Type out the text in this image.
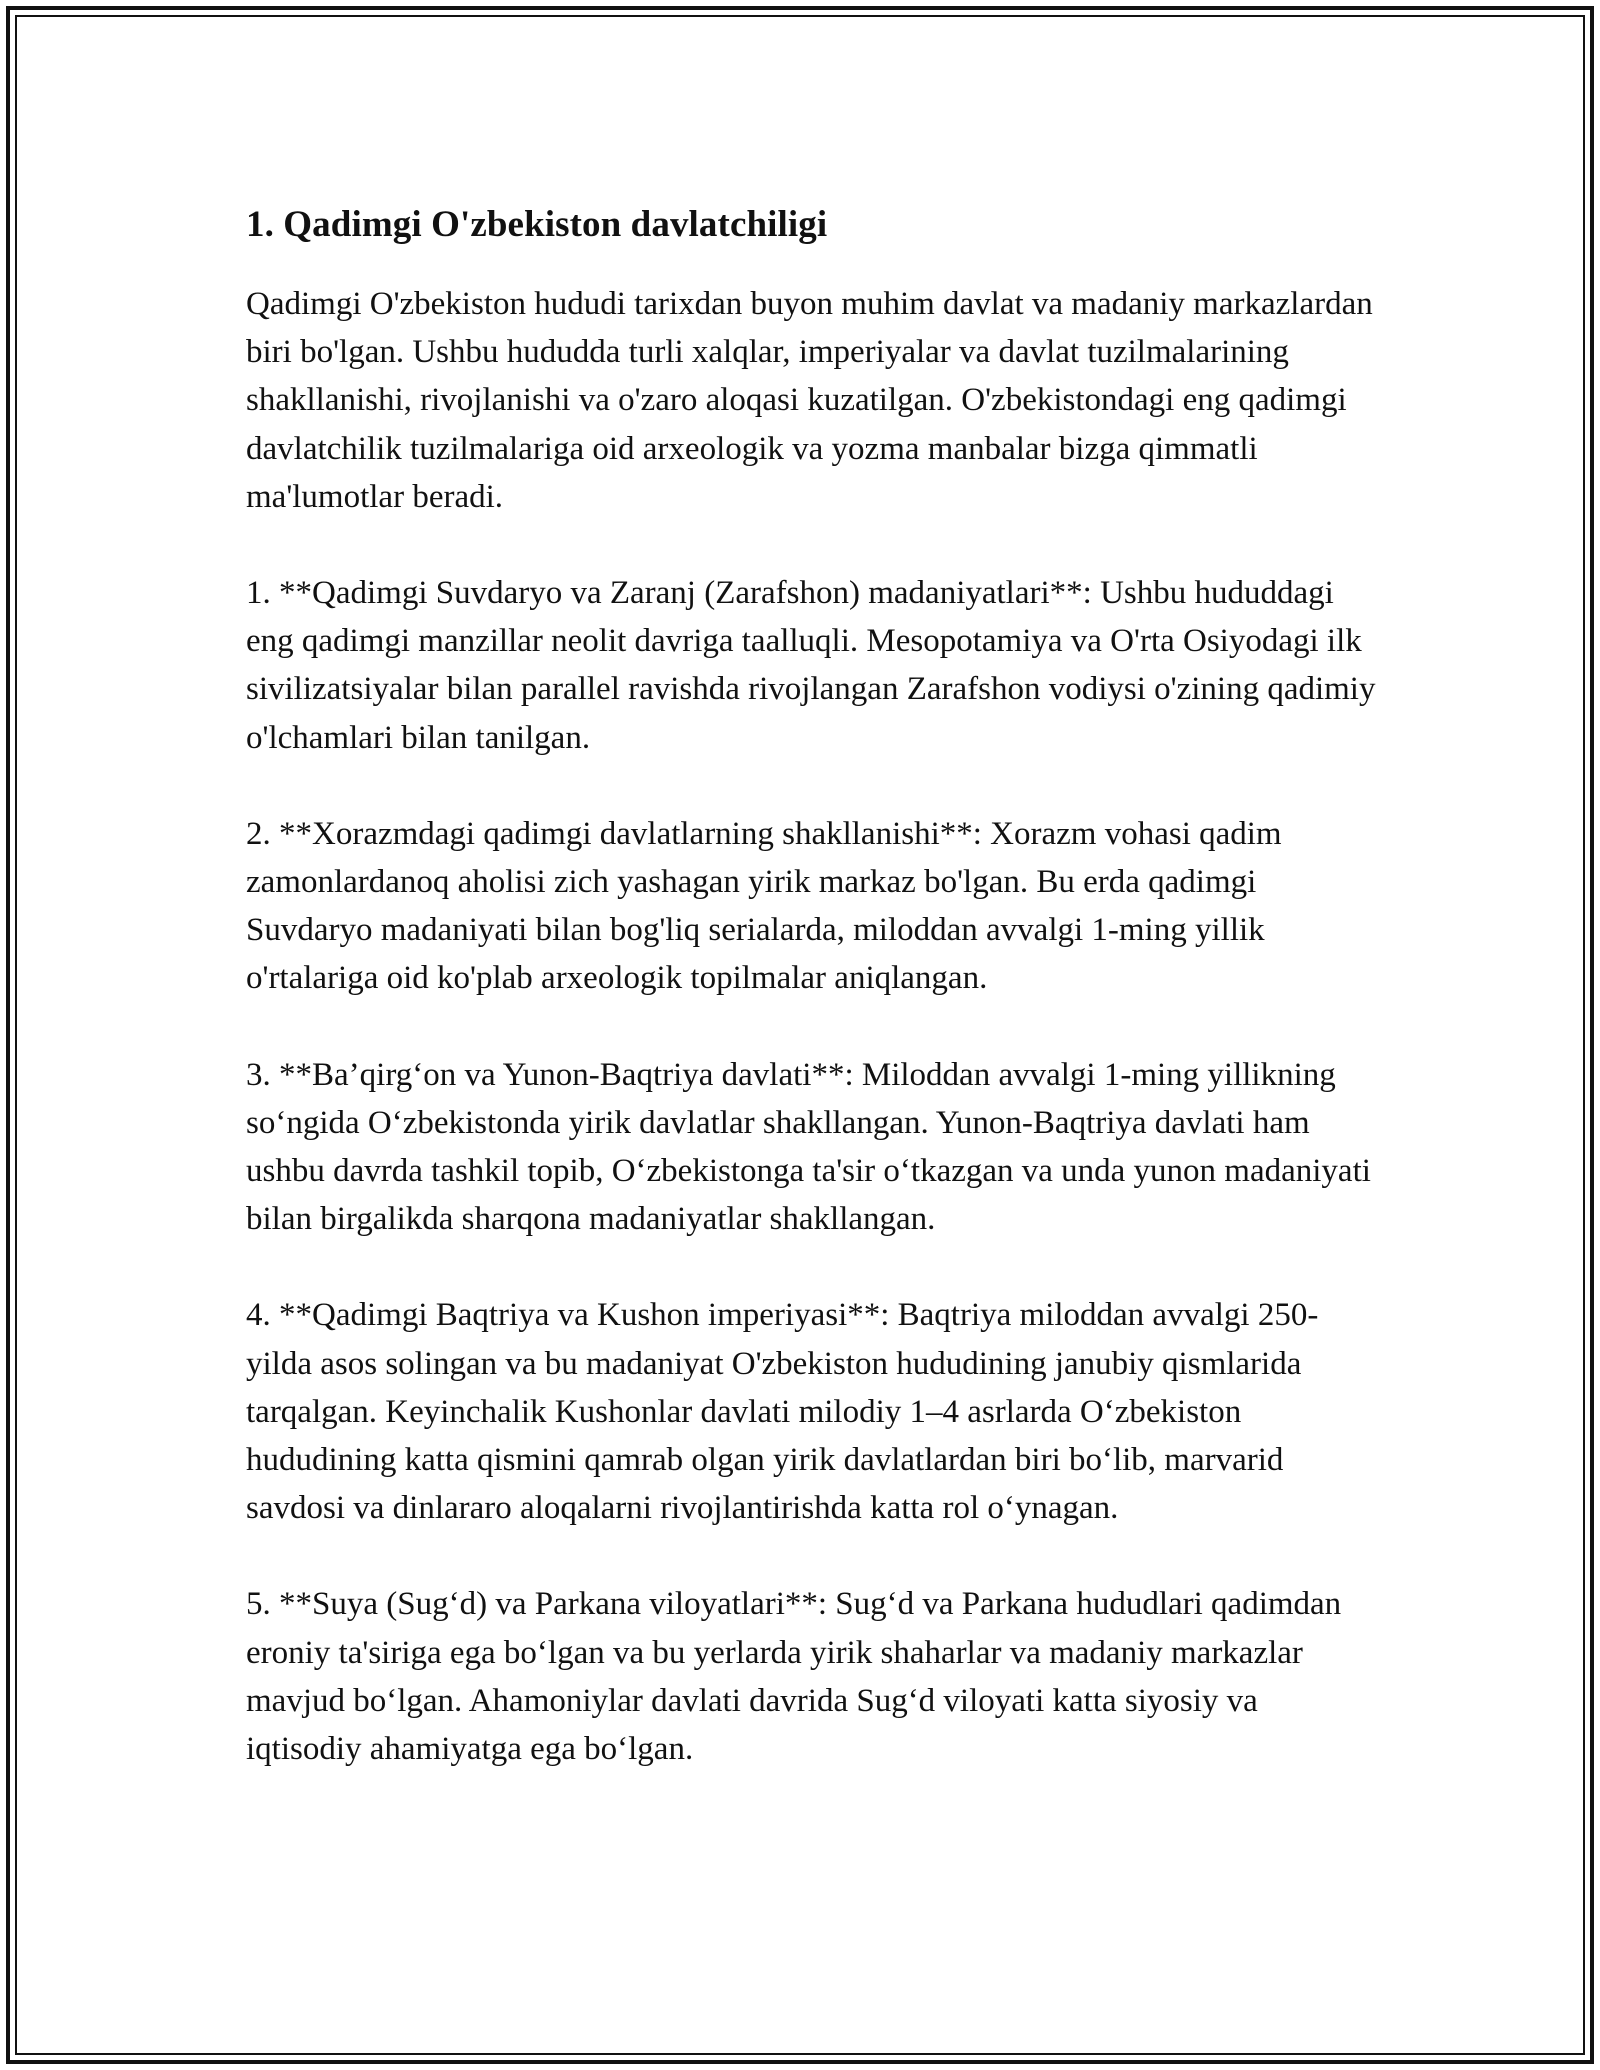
1. Qadimgi O'zbekiston davlatchiligi

Qadimgi O'zbekiston hududi tarixdan buyon muhim davlat va madaniy markazlardan biri bo'lgan. Ushbu hududda turli xalqlar, imperiyalar va davlat tuzilmalarining shakllanishi, rivojlanishi va o'zaro aloqasi kuzatilgan. O'zbekistondagi eng qadimgi davlatchilik tuzilmalariga oid arxeologik va yozma manbalar bizga qimmatli ma'lumotlar beradi.

1. **Qadimgi Suvdaryo va Zaranj (Zarafshon) madaniyatlari**: Ushbu hududdagi eng qadimgi manzillar neolit davriga taalluqli. Mesopotamiya va O'rta Osiyodagi ilk sivilizatsiyalar bilan parallel ravishda rivojlangan Zarafshon vodiysi o'zining qadimiy o'lchamlari bilan tanilgan.

2. **Xorazmdagi qadimgi davlatlarning shakllanishi**: Xorazm vohasi qadim zamonlardanoq aholisi zich yashagan yirik markaz bo'lgan. Bu erda qadimgi Suvdaryo madaniyati bilan bog'liq serialarda, miloddan avvalgi 1-ming yillik o'rtalariga oid ko'plab arxeologik topilmalar aniqlangan.

3. **Ba’qirg‘on va Yunon-Baqtriya davlati**: Miloddan avvalgi 1-ming yillikning so‘ngida O‘zbekistonda yirik davlatlar shakllangan. Yunon-Baqtriya davlati ham ushbu davrda tashkil topib, O‘zbekistonga ta'sir o‘tkazgan va unda yunon madaniyati bilan birgalikda sharqona madaniyatlar shakllangan.

4. **Qadimgi Baqtriya va Kushon imperiyasi**: Baqtriya miloddan avvalgi 250-yilda asos solingan va bu madaniyat O'zbekiston hududining janubiy qismlarida tarqalgan. Keyinchalik Kushonlar davlati milodiy 1–4 asrlarda O‘zbekiston hududining katta qismini qamrab olgan yirik davlatlardan biri bo‘lib, marvarid savdosi va dinlararo aloqalarni rivojlantirishda katta rol o‘ynagan.

5. **Suya (Sug‘d) va Parkana viloyatlari**: Sug‘d va Parkana hududlari qadimdan eroniy ta'siriga ega bo‘lgan va bu yerlarda yirik shaharlar va madaniy markazlar mavjud bo‘lgan. Ahamoniylar davlati davrida Sug‘d viloyati katta siyosiy va iqtisodiy ahamiyatga ega bo‘lgan.
